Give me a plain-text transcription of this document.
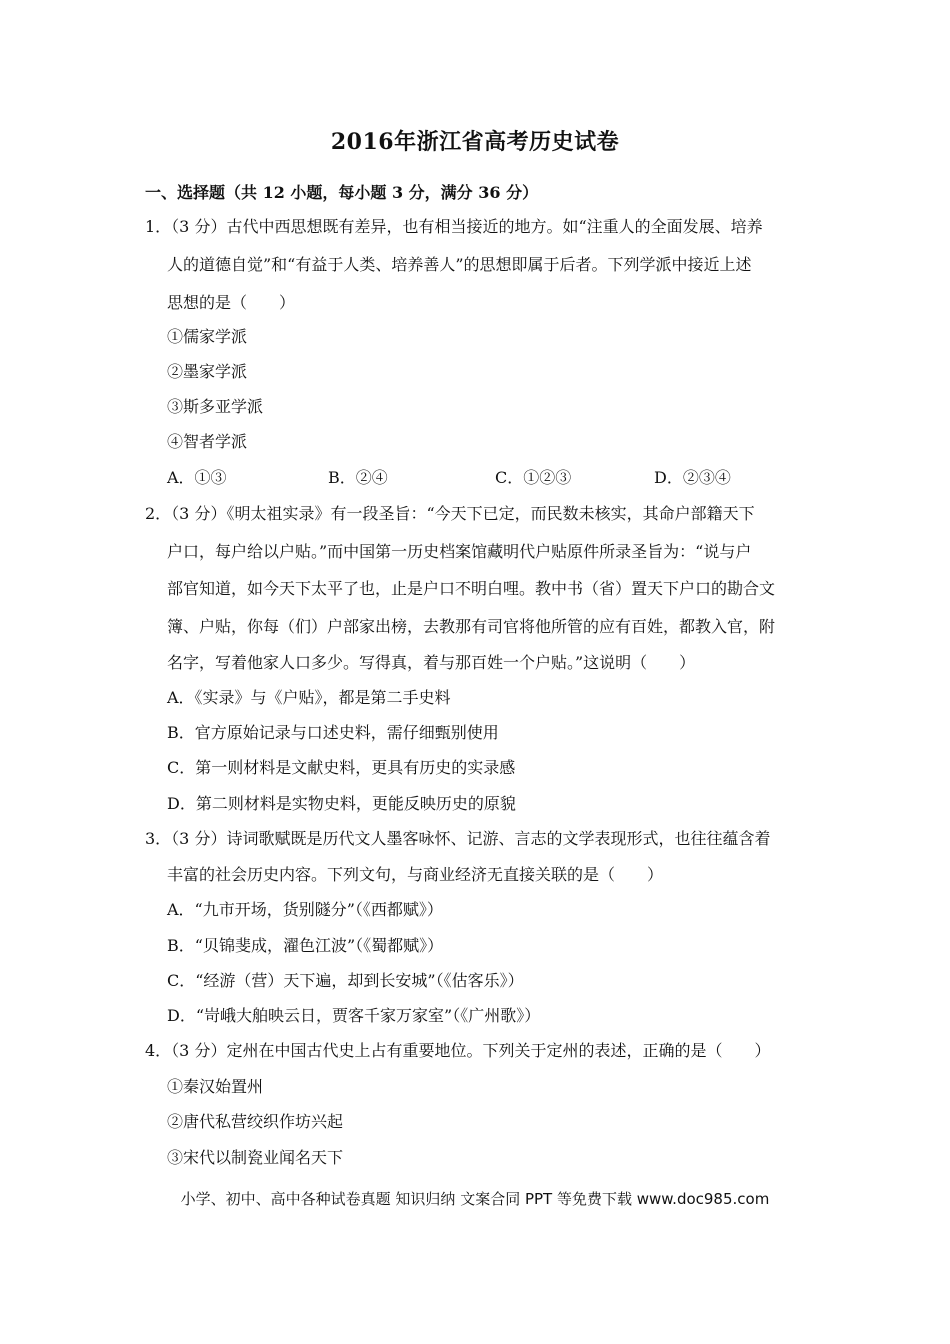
2016年浙江省高考历史试卷
一、选择题（共 12 小题，每小题 3 分，满分 36 分）
1．（3 分）古代中西思想既有差异，也有相当接近的地方。如“注重人的全面发展、培养
人的道德自觉”和“有益于人类、培养善人”的思想即属于后者。下列学派中接近上述
思想的是（　　）
①儒家学派
②墨家学派
③斯多亚学派
④智者学派
A．①③	B．②④	C．①②③	D．②③④
2．（3 分）《明太祖实录》有一段圣旨：“今天下已定，而民数未核实，其命户部籍天下
户口，每户给以户贴。”而中国第一历史档案馆藏明代户贴原件所录圣旨为：“说与户
部官知道，如今天下太平了也，止是户口不明白哩。教中书（省）置天下户口的勘合文
簿、户贴，你每（们）户部家出榜，去教那有司官将他所管的应有百姓，都教入官，附
名字，写着他家人口多少。写得真，着与那百姓一个户贴。”这说明（　　）
A．《实录》与《户贴》，都是第二手史料
B．官方原始记录与口述史料，需仔细甄别使用
C．第一则材料是文献史料，更具有历史的实录感
D．第二则材料是实物史料，更能反映历史的原貌
3．（3 分）诗词歌赋既是历代文人墨客咏怀、记游、言志的文学表现形式，也往往蕴含着
丰富的社会历史内容。下列文句，与商业经济无直接关联的是（　　）
A．“九市开场，货别隧分”（《西都赋》）
B．“贝锦斐成，濯色江波”（《蜀都赋》）
C．“经游（营）天下遍，却到长安城”（《估客乐》）
D．“岢峨大舶映云日，贾客千家万家室”（《广州歌》）
4．（3 分）定州在中国古代史上占有重要地位。下列关于定州的表述，正确的是（　　）
①秦汉始置州
②唐代私营绞织作坊兴起
③宋代以制瓷业闻名天下
小学、初中、高中各种试卷真题 知识归纳 文案合同 PPT 等免费下载 www.doc985.com
